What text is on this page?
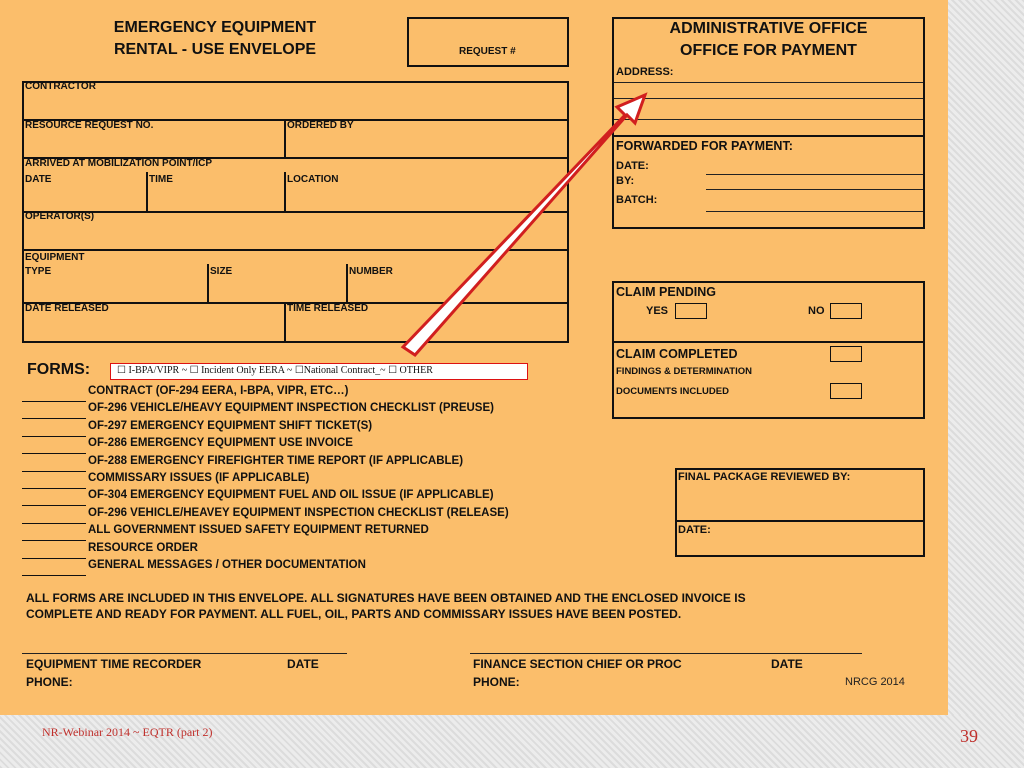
EMERGENCY EQUIPMENT
RENTAL - USE ENVELOPE	REQUEST #
CONTRACTOR
RESOURCE REQUEST NO.	ORDERED BY
ARRIVED AT MOBILIZATION POINT/ICP
DATE	TIME	LOCATION
OPERATOR(S)
EQUIPMENT
TYPE	SIZE	NUMBER
DATE RELEASED	TIME RELEASED
ADMINISTRATIVE OFFICE
OFFICE FOR PAYMENT
ADDRESS:
FORWARDED FOR PAYMENT:
DATE:
BY:
BATCH:
CLAIM PENDING
YES	NO
CLAIM COMPLETED
FINDINGS & DETERMINATION
DOCUMENTS INCLUDED
FINAL PACKAGE REVIEWED BY:
DATE:
FORMS:	☐ I-BPA/VIPR ~ ☐ Incident Only EERA ~ ☐National Contract_~ ☐ OTHER
CONTRACT (OF-294 EERA, I-BPA, VIPR, ETC…)
OF-296 VEHICLE/HEAVY EQUIPMENT INSPECTION CHECKLIST (PREUSE)
OF-297 EMERGENCY EQUIPMENT SHIFT TICKET(S)
OF-286 EMERGENCY EQUIPMENT USE INVOICE
OF-288 EMERGENCY FIREFIGHTER TIME REPORT (IF APPLICABLE)
COMMISSARY ISSUES (IF APPLICABLE)
OF-304 EMERGENCY EQUIPMENT FUEL AND OIL ISSUE (IF APPLICABLE)
OF-296 VEHICLE/HEAVEY EQUIPMENT INSPECTION CHECKLIST (RELEASE)
ALL GOVERNMENT ISSUED SAFETY EQUIPMENT RETURNED
RESOURCE ORDER
GENERAL MESSAGES / OTHER DOCUMENTATION
ALL FORMS ARE INCLUDED IN THIS ENVELOPE. ALL SIGNATURES HAVE BEEN OBTAINED AND THE ENCLOSED INVOICE IS
COMPLETE AND READY FOR PAYMENT. ALL FUEL, OIL, PARTS AND COMMISSARY ISSUES HAVE BEEN POSTED.
EQUIPMENT TIME RECORDER	DATE
PHONE:
FINANCE SECTION CHIEF OR PROC	DATE
PHONE:	NRCG 2014
NR-Webinar 2014 ~ EQTR (part 2)	39
